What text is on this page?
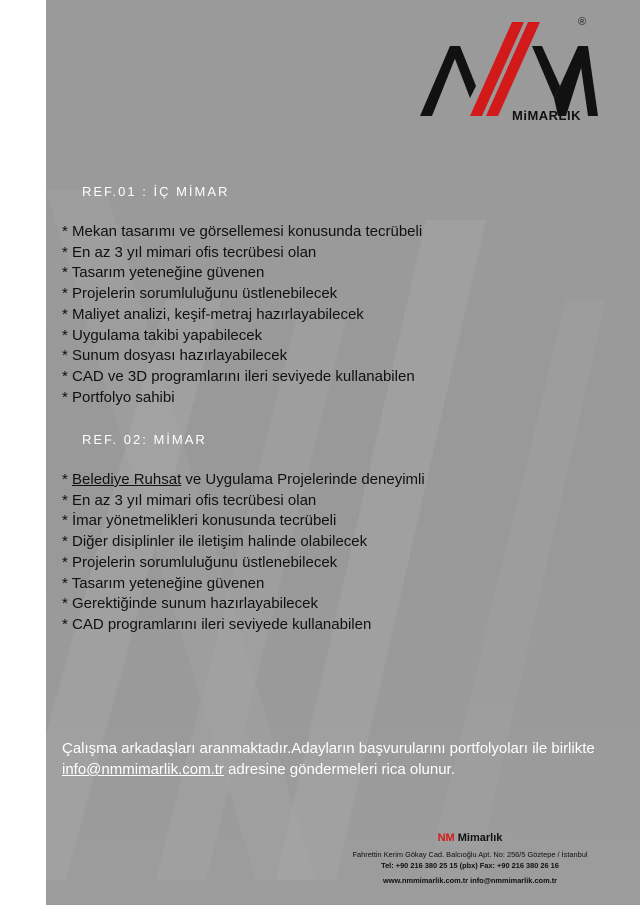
®
MiMARLIK
REF.01 : İÇ MİMAR
* Mekan tasarımı ve görsellemesi konusunda tecrübeli
* En az 3 yıl mimari ofis tecrübesi olan
* Tasarım yeteneğine güvenen
* Projelerin sorumluluğunu üstlenebilecek
* Maliyet analizi, keşif-metraj hazırlayabilecek
* Uygulama takibi yapabilecek
* Sunum dosyası hazırlayabilecek
* CAD ve 3D programlarını ileri seviyede kullanabilen
* Portfolyo sahibi
REF. 02: MİMAR
* Belediye Ruhsat ve Uygulama Projelerinde deneyimli
* En az 3 yıl mimari ofis tecrübesi olan
* İmar yönetmelikleri konusunda tecrübeli
* Diğer disiplinler ile iletişim halinde olabilecek
* Projelerin sorumluluğunu üstlenebilecek
* Tasarım yeteneğine güvenen
* Gerektiğinde sunum hazırlayabilecek
* CAD programlarını ileri seviyede kullanabilen
Çalışma arkadaşları aranmaktadır.Adayların başvurularını portfolyoları ile birlikte info@nmmimarlik.com.tr adresine göndermeleri rica olunur.
NM Mimarlık
Fahrettin Kerim Gökay Cad. Balcıoğlu Apt. No: 256/5 Göztepe / İstanbul
Tel: +90 216 380 25 15 (pbx) Fax: +90 216 380 26 16
www.nmmimarlik.com.tr info@nmmimarlik.com.tr
